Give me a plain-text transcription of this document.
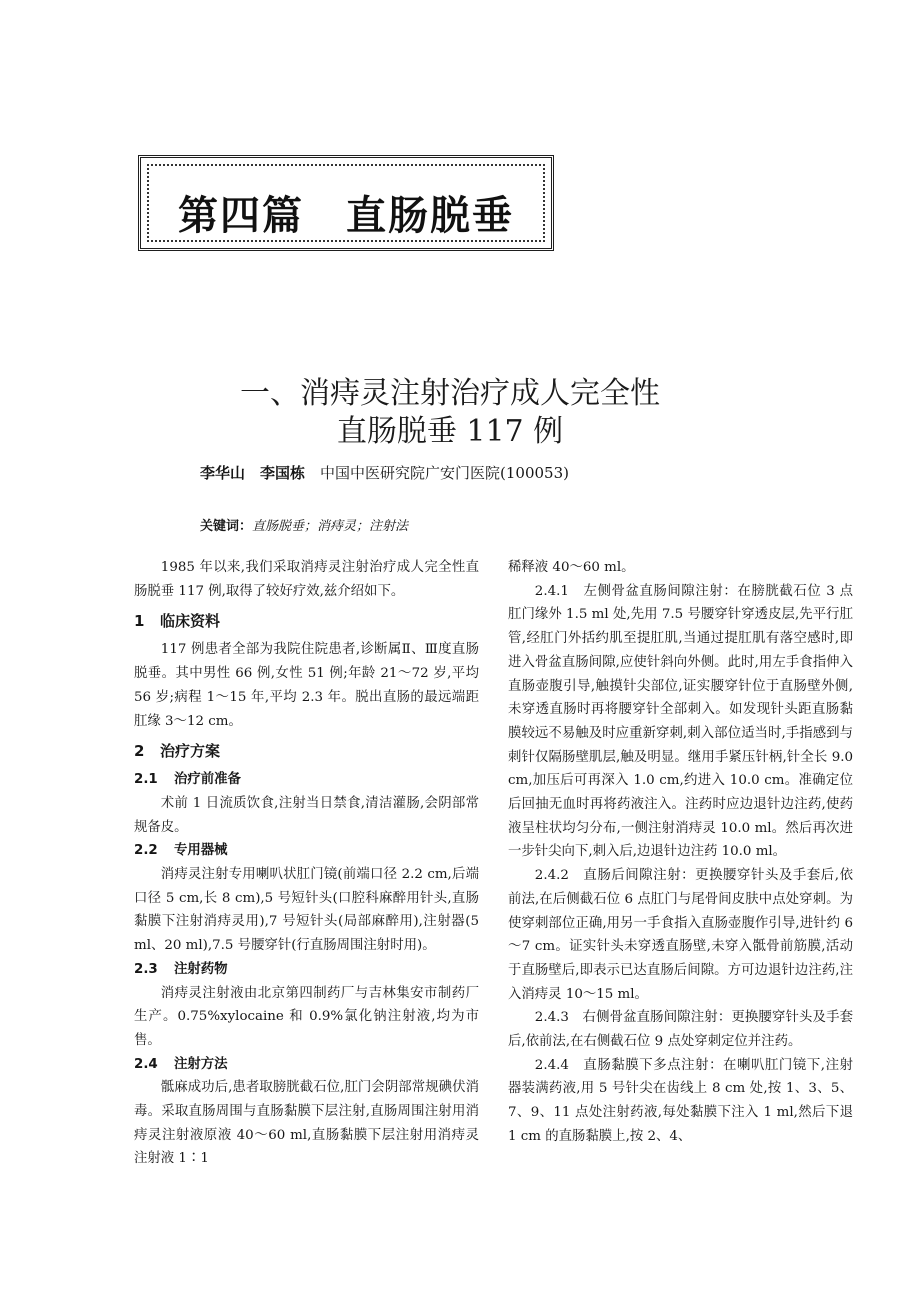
第四篇　直肠脱垂
一、消痔灵注射治疗成人完全性
直肠脱垂 117 例
李华山　李国栋　 中国中医研究院广安门医院(100053)
关键词：直肠脱垂；消痔灵；注射法

1985 年以来,我们采取消痔灵注射治疗成人完全性直肠脱垂 117 例,取得了较好疗效,兹介绍如下。

1 临床资料

117 例患者全部为我院住院患者,诊断属Ⅱ、Ⅲ度直肠脱垂。其中男性 66 例,女性 51 例;年龄 21～72 岁,平均 56 岁;病程 1～15 年,平均 2.3 年。脱出直肠的最远端距肛缘 3～12 cm。

2 治疗方案
2.1 治疗前准备

术前 1 日流质饮食,注射当日禁食,清洁灌肠,会阴部常规备皮。

2.2 专用器械

消痔灵注射专用喇叭状肛门镜(前端口径 2.2 cm,后端口径 5 cm,长 8 cm),5 号短针头(口腔科麻醉用针头,直肠黏膜下注射消痔灵用),7 号短针头(局部麻醉用),注射器(5 ml、20 ml),7.5 号腰穿针(行直肠周围注射时用)。

2.3 注射药物

消痔灵注射液由北京第四制药厂与吉林集安市制药厂生产。0.75%xylocaine 和 0.9%氯化钠注射液,均为市售。

2.4 注射方法

骶麻成功后,患者取膀胱截石位,肛门会阴部常规碘伏消毒。采取直肠周围与直肠黏膜下层注射,直肠周围注射用消痔灵注射液原液 40～60 ml,直肠黏膜下层注射用消痔灵注射液 1∶1

稀释液 40～60 ml。

2.4.1　左侧骨盆直肠间隙注射：在膀胱截石位 3 点肛门缘外 1.5 ml 处,先用 7.5 号腰穿针穿透皮层,先平行肛管,经肛门外括约肌至提肛肌,当通过提肛肌有落空感时,即进入骨盆直肠间隙,应使针斜向外侧。此时,用左手食指伸入直肠壶腹引导,触摸针尖部位,证实腰穿针位于直肠壁外侧,未穿透直肠时再将腰穿针全部刺入。如发现针头距直肠黏膜较远不易触及时应重新穿刺,刺入部位适当时,手指感到与刺针仅隔肠壁肌层,触及明显。继用手紧压针柄,针全长 9.0 cm,加压后可再深入 1.0 cm,约进入 10.0 cm。准确定位后回抽无血时再将药液注入。注药时应边退针边注药,使药液呈柱状均匀分布,一侧注射消痔灵 10.0 ml。然后再次进一步针尖向下,刺入后,边退针边注药 10.0 ml。

2.4.2　直肠后间隙注射：更换腰穿针头及手套后,依前法,在后侧截石位 6 点肛门与尾骨间皮肤中点处穿刺。为使穿刺部位正确,用另一手食指入直肠壶腹作引导,进针约 6～7 cm。证实针头未穿透直肠壁,未穿入骶骨前筋膜,活动于直肠壁后,即表示已达直肠后间隙。方可边退针边注药,注入消痔灵 10～15 ml。

2.4.3　右侧骨盆直肠间隙注射：更换腰穿针头及手套后,依前法,在右侧截石位 9 点处穿刺定位并注药。

2.4.4　直肠黏膜下多点注射：在喇叭肛门镜下,注射器装满药液,用 5 号针尖在齿线上 8 cm 处,按 1、3、5、7、9、11 点处注射药液,每处黏膜下注入 1 ml,然后下退 1 cm 的直肠黏膜上,按 2、4、
